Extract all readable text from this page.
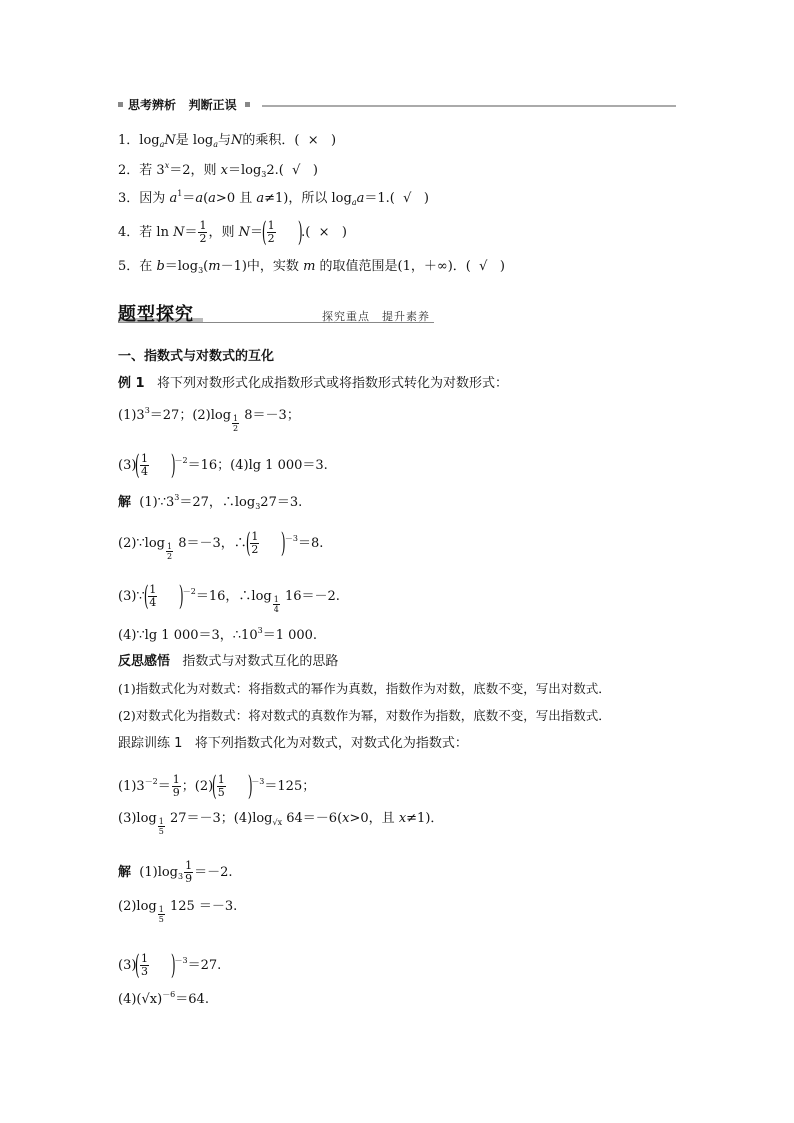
思考辨析 判断正误
1．$\log_aN$是 $\log_a$与N的乘积．( × )
2．若 $3^x=2$，则 $x=\log_32$.( √ )
3．因为 $a^1=a(a>0$ 且 a≠1)，所以 $\log_aa=1$.( √ )
4．若 $\ln N= \frac{1}{2}$ ，则 $N=( \frac{1}{2}$ ).( × )
5．在 $b=\log_3(m-1)$中，实数 m 的取值范围是(1，＋∞)．( √ )
题型探究	探究重点　提升素养
一、指数式与对数式的互化
例 1 将下列对数形式化成指数形式或将指数形式转化为对数形式：
$(1)3^3=27$；$(2)\log \frac{1}{2} 8=-3$；
$(3)( \frac{1}{4} )^{-2}=16$；(4)lg 1 000＝3.
解 $(1)\because 3^3=27$，$\therefore\log_327=3$.
(2)∵log $\frac{1}{2} 8=-3$，∴( $\frac{1}{2} )^{-3}=8$.
(3)∵( $\frac{1}{4} )^{-2}=16$，∴log $\frac{1}{4} 16=-2$.
(4)∵lg 1 000＝3，$\therefore 10^3=1$ 000.
反思感悟 指数式与对数式互化的思路
(1)指数式化为对数式：将指数式的幂作为真数，指数作为对数，底数不变，写出对数式．
(2)对数式化为指数式：将对数式的真数作为幂，对数作为指数，底数不变，写出指数式．
跟踪训练 1 将下列指数式化为对数式，对数式化为指数式：
$(1)3^{-2}= \frac{1}{9}$ ；$(2)( \frac{1}{5} )^{-3}=125$；
$(3)\log \frac{1}{5} 27=-3$；$(4)\log_{√x}$ 64＝－6(x>0，且 x≠1)．
解 $(1)\log_3 \frac{1}{9} =-2$.
$(2)\log \frac{1}{5} 125 =-3$.
$(3)( \frac{1}{3} )^{-3}=27$.
$(4)(√x)^{-6}=64$.
